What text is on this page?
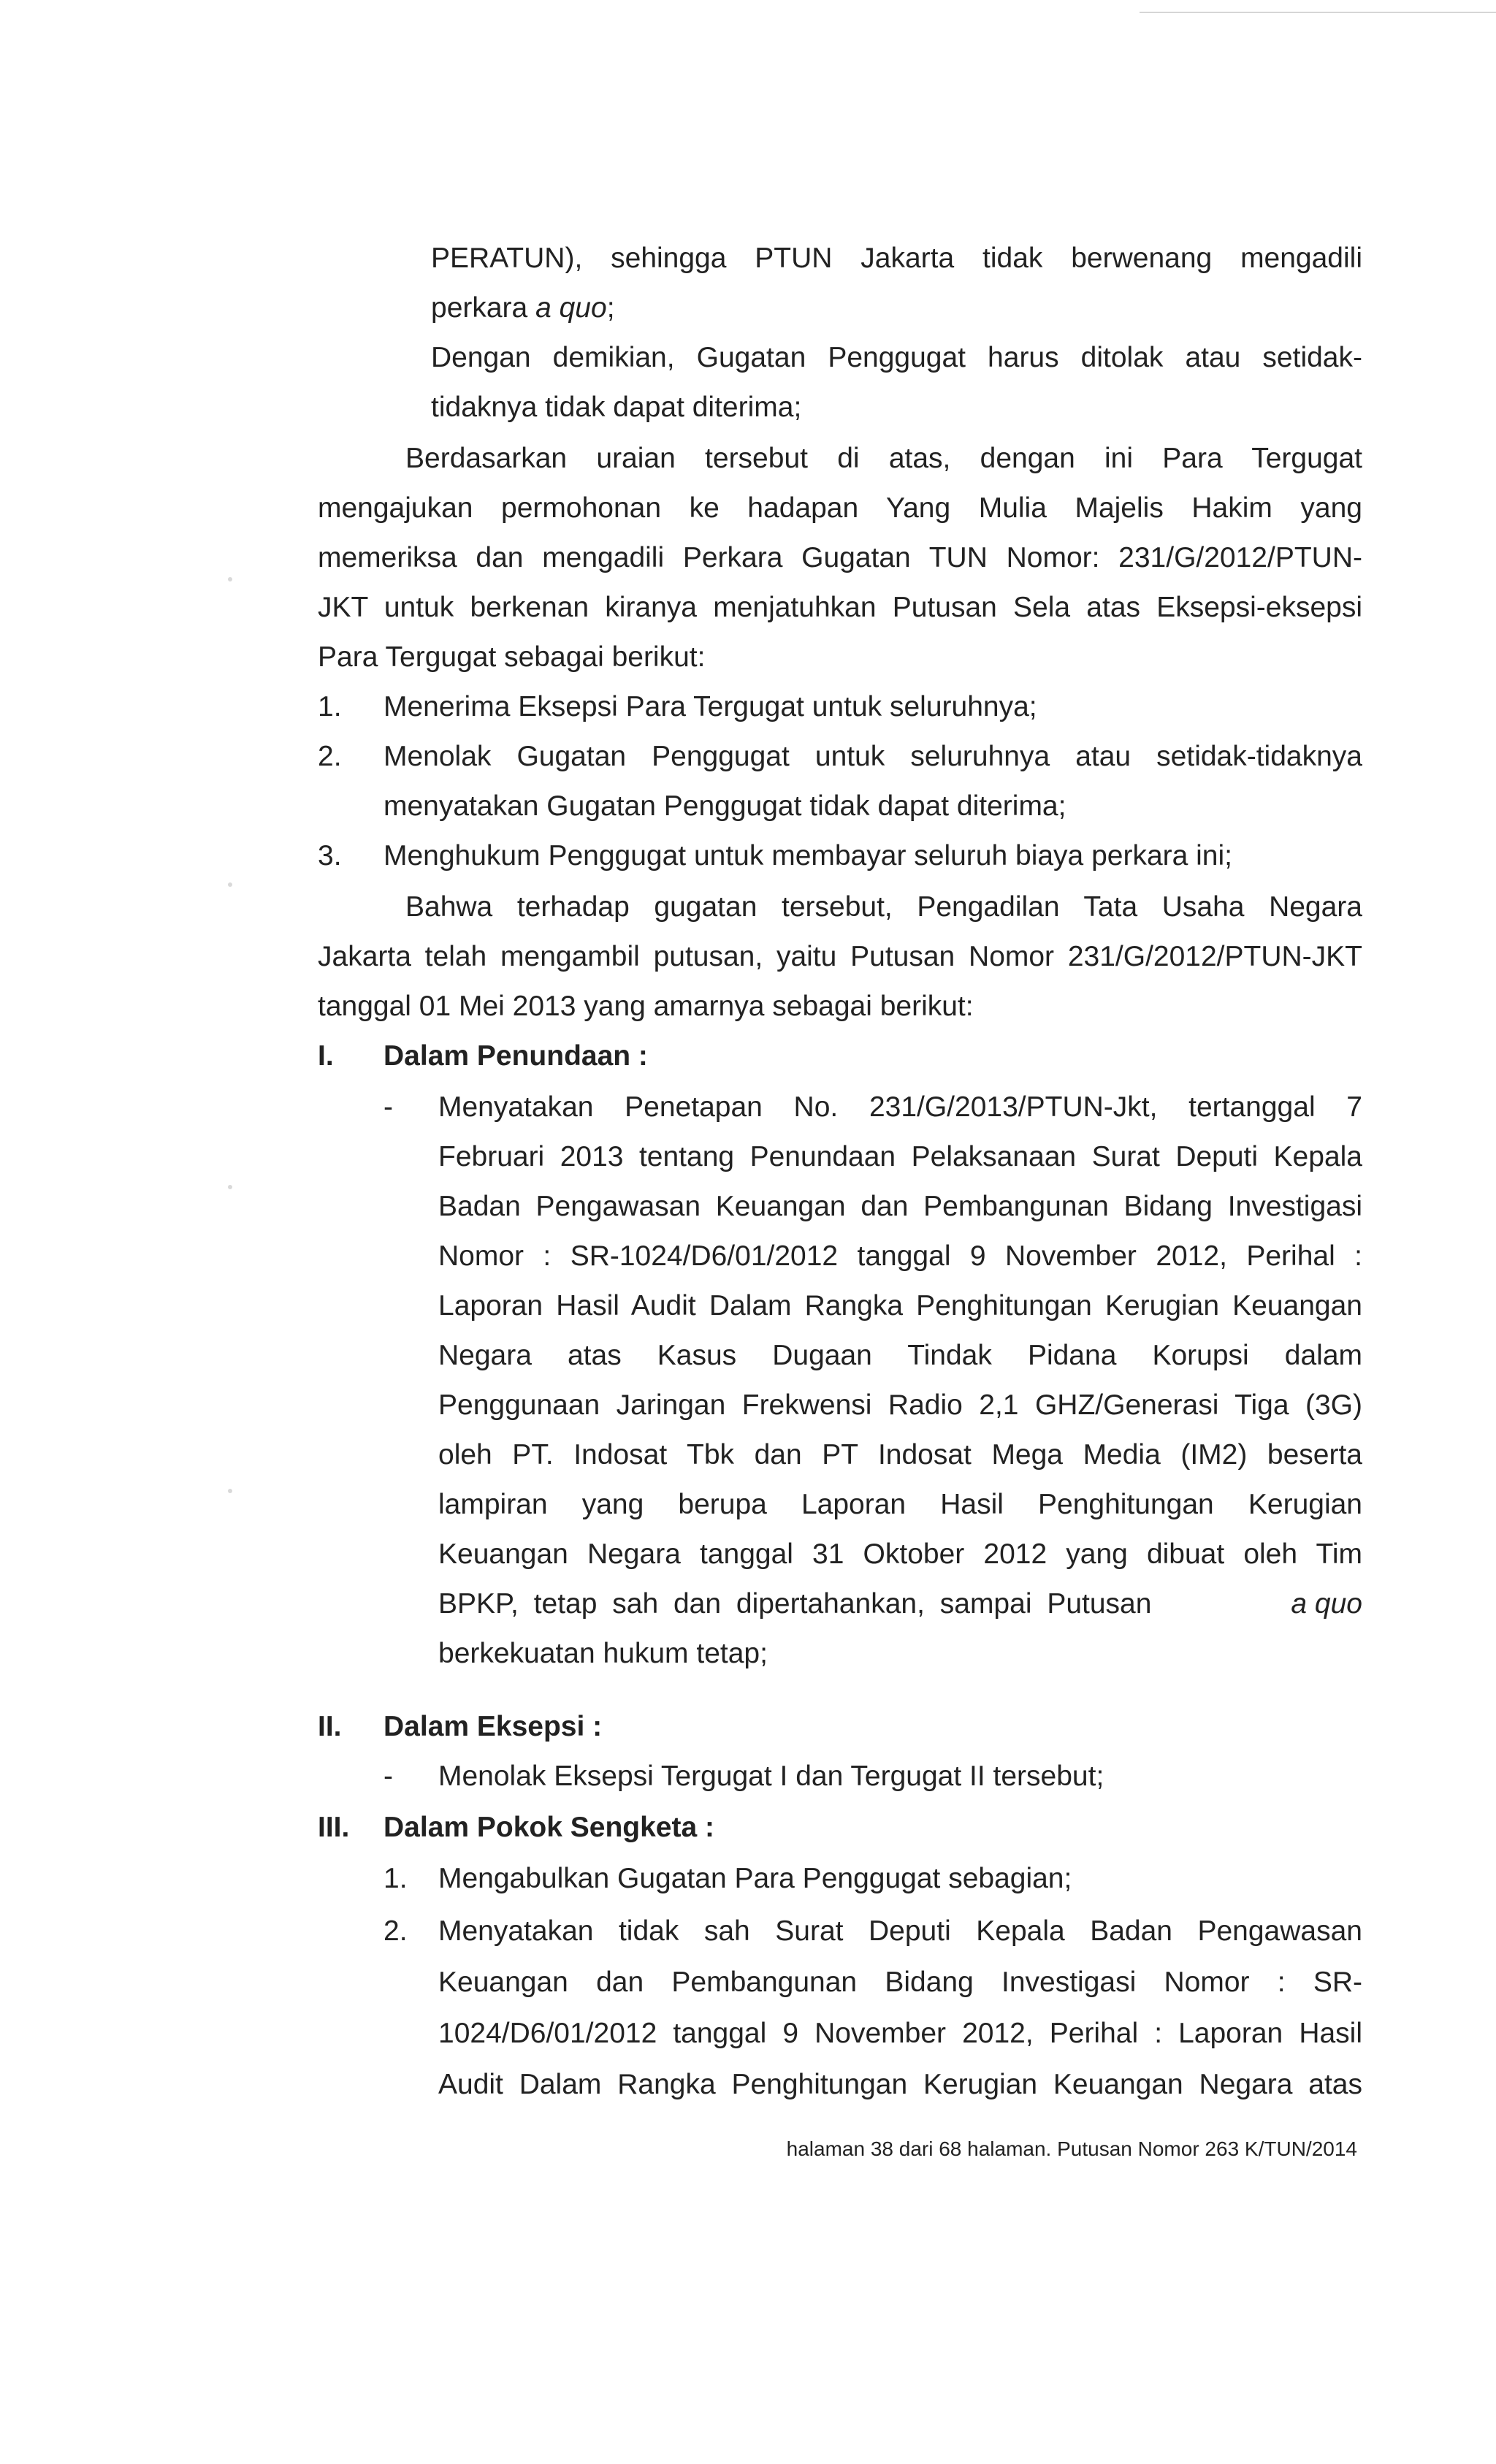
PERATUN), sehingga PTUN Jakarta tidak berwenang mengadili
perkara a quo;
Dengan demikian, Gugatan Penggugat harus ditolak atau setidak-
tidaknya tidak dapat diterima;
Berdasarkan uraian tersebut di atas, dengan ini Para Tergugat
mengajukan permohonan ke hadapan Yang Mulia Majelis Hakim yang
memeriksa dan mengadili Perkara Gugatan TUN Nomor: 231/G/2012/PTUN-
JKT untuk berkenan kiranya menjatuhkan Putusan Sela atas Eksepsi-eksepsi
Para Tergugat sebagai berikut:
1. Menerima Eksepsi Para Tergugat untuk seluruhnya;
2. Menolak Gugatan Penggugat untuk seluruhnya atau setidak-tidaknya
menyatakan Gugatan Penggugat tidak dapat diterima;
3. Menghukum Penggugat untuk membayar seluruh biaya perkara ini;
Bahwa terhadap gugatan tersebut, Pengadilan Tata Usaha Negara
Jakarta telah mengambil putusan, yaitu Putusan Nomor 231/G/2012/PTUN-JKT
tanggal 01 Mei 2013 yang amarnya sebagai berikut:
I. Dalam Penundaan :
- Menyatakan Penetapan No. 231/G/2013/PTUN-Jkt, tertanggal 7
Februari 2013 tentang Penundaan Pelaksanaan Surat Deputi Kepala
Badan Pengawasan Keuangan dan Pembangunan Bidang Investigasi
Nomor : SR-1024/D6/01/2012 tanggal 9 November 2012, Perihal :
Laporan Hasil Audit Dalam Rangka Penghitungan Kerugian Keuangan
Negara atas Kasus Dugaan Tindak Pidana Korupsi dalam
Penggunaan Jaringan Frekwensi Radio 2,1 GHZ/Generasi Tiga (3G)
oleh PT. Indosat Tbk dan PT Indosat Mega Media (IM2) beserta
lampiran yang berupa Laporan Hasil Penghitungan Kerugian
Keuangan Negara tanggal 31 Oktober 2012 yang dibuat oleh Tim
BPKP, tetap sah dan dipertahankan, sampai Putusan	a quo
berkekuatan hukum tetap;
II. Dalam Eksepsi :
- Menolak Eksepsi Tergugat I dan Tergugat II tersebut;
III. Dalam Pokok Sengketa :
1. Mengabulkan Gugatan Para Penggugat sebagian;
2. Menyatakan tidak sah Surat Deputi Kepala Badan Pengawasan
Keuangan dan Pembangunan Bidang Investigasi Nomor : SR-
1024/D6/01/2012 tanggal 9 November 2012, Perihal : Laporan Hasil
Audit Dalam Rangka Penghitungan Kerugian Keuangan Negara atas
halaman 38 dari 68 halaman. Putusan Nomor 263 K/TUN/2014
